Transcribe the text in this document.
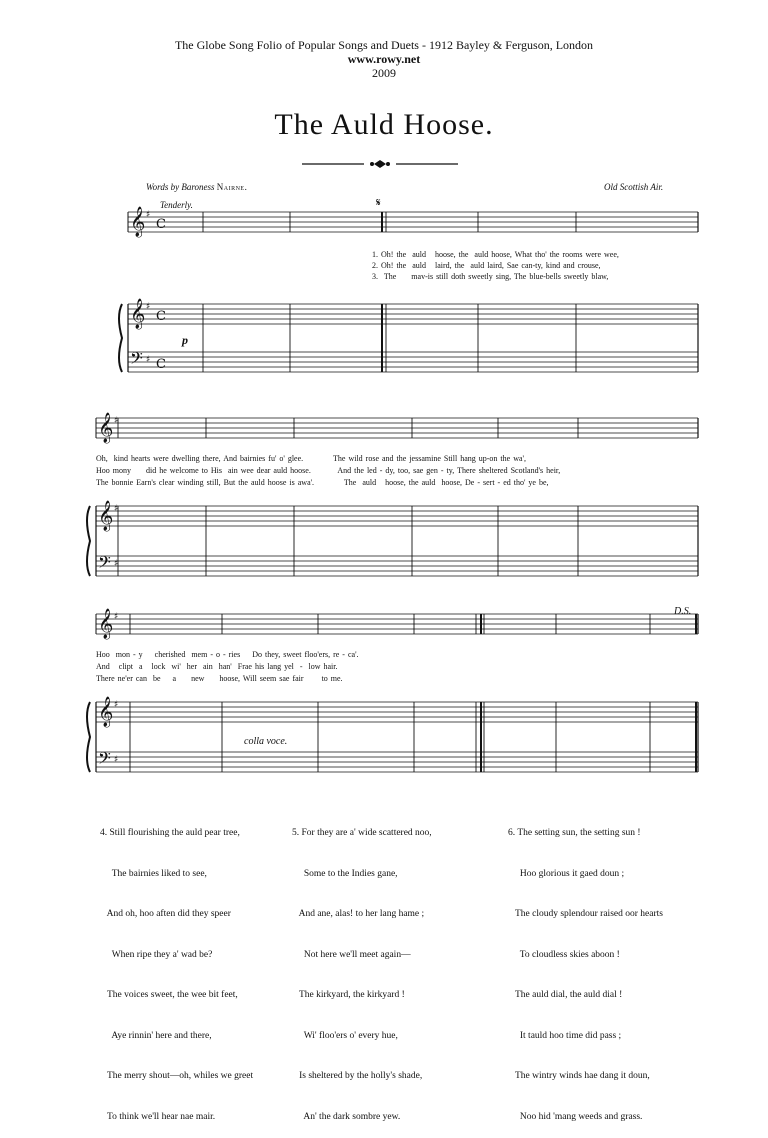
The Globe Song Folio of Popular Songs and Duets - 1912 Bayley & Ferguson, London
www.rowy.net
2009
The Auld Hoose.
Words by Baroness Nairne.	Old Scottish Air.
Tenderly.
𝄞
𝄞
𝄢
♯
♯
♯
C
C
C
𝄞
𝄞
𝄢
♯
♯
♯
𝄞
𝄞
𝄢
♯
♯
♯
𝄋
1. Oh! the  auld   hoose, the  auld hoose, What tho' the rooms were wee,
2. Oh! the  auld   laird, the  auld laird, Sae can-ty, kind and crouse,
3.  The     mav-is still doth sweetly sing, The blue-bells sweetly blaw,
p
Oh,  kind hearts were dwelling there, And bairnies fu' o' glee.          The wild rose and the jessamine Still hang up-on the wa',
Hoo mony     did he welcome to His  ain wee dear auld hoose.         And the led - dy, too, sae gen - ty, There sheltered Scotland's heir,
The bonnie Earn's clear winding still, But the auld hoose is awa'.          The  auld   hoose, the auld  hoose, De - sert - ed tho' ye be,
Hoo  mon - y    cherished  mem - o - ries    Do they, sweet floo'ers, re - ca'.
And   clipt  a   lock  wi'  her  ain  han'  Frae his lang yel  -  low hair.
There ne'er can  be    a     new     hoose, Will seem sae fair      to me.
colla voce.
D.S.

4. Still flourishing the auld pear tree,

The bairnies liked to see,

And oh, hoo aften did they speer

When ripe they a' wad be?

The voices sweet, the wee bit feet,

Aye rinnin' here and there,

The merry shout—oh, whiles we greet

To think we'll hear nae mair.

5. For they are a' wide scattered noo,

Some to the Indies gane,

And ane, alas! to her lang hame ;

Not here we'll meet again—

The kirkyard, the kirkyard !

Wi' floo'ers o' every hue,

Is sheltered by the holly's shade,

An' the dark sombre yew.

6. The setting sun, the setting sun !

Hoo glorious it gaed doun ;

The cloudy splendour raised oor hearts

To cloudless skies aboon !

The auld dial, the auld dial !

It tauld hoo time did pass ;

The wintry winds hae dang it doun,

Noo hid 'mang weeds and grass.
